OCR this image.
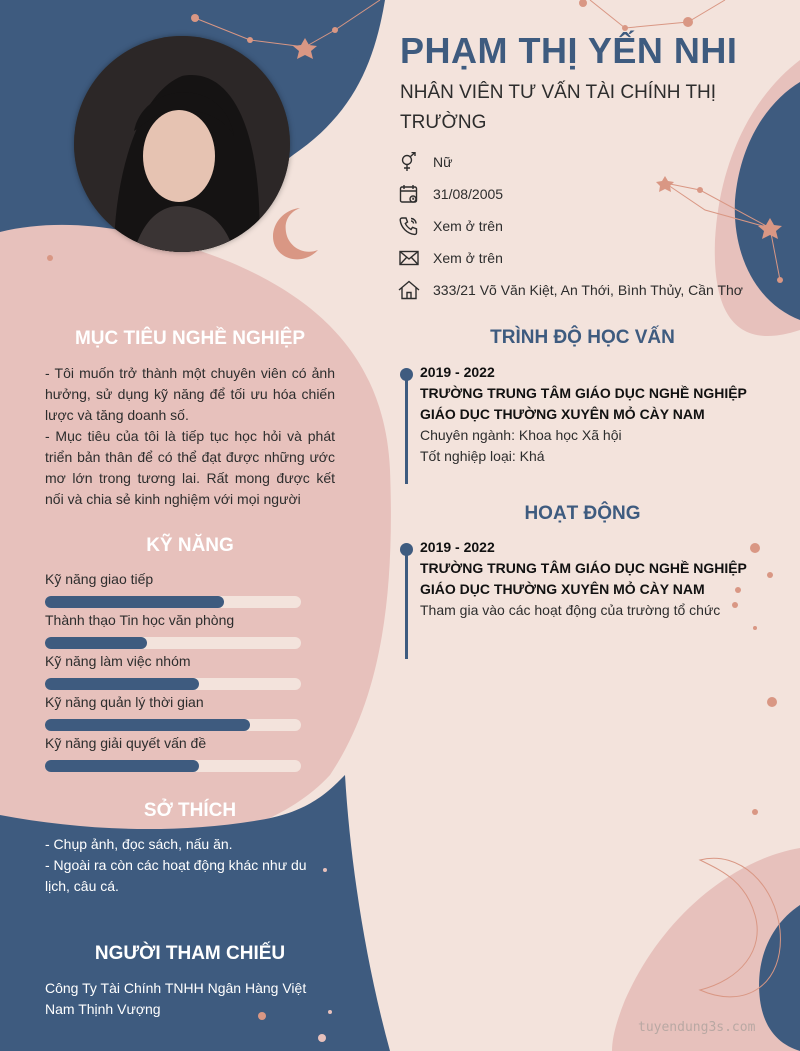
PHẠM THỊ YẾN NHI
NHÂN VIÊN TƯ VẤN TÀI CHÍNH THỊ TRƯỜNG
Nữ
31/08/2005
Xem ở trên
Xem ở trên
333/21 Võ Văn Kiệt, An Thới, Bình Thủy, Cần Thơ
MỤC TIÊU NGHỀ NGHIỆP
- Tôi muốn trở thành một chuyên viên có ảnh hưởng, sử dụng kỹ năng để tối ưu hóa chiến lược và tăng doanh số.
- Mục tiêu của tôi là tiếp tục học hỏi và phát triển bản thân để có thể đạt được những ước mơ lớn trong tương lai. Rất mong được kết nối và chia sẻ kinh nghiệm với mọi người
KỸ NĂNG
SỞ THÍCH
- Chụp ảnh, đọc sách, nấu ăn.
- Ngoài ra còn các hoạt động khác như du lịch, câu cá.
NGƯỜI THAM CHIẾU
Công Ty Tài Chính TNHH Ngân Hàng Việt Nam Thịnh Vượng
TRÌNH ĐỘ HỌC VẤN
2019 - 2022
TRƯỜNG TRUNG TÂM GIÁO DỤC NGHỀ NGHIỆP GIÁO DỤC THƯỜNG XUYÊN MỎ CÀY NAM
Chuyên ngành: Khoa học Xã hội
Tốt nghiệp loại: Khá
HOẠT ĐỘNG
2019 - 2022
TRƯỜNG TRUNG TÂM GIÁO DỤC NGHỀ NGHIỆP GIÁO DỤC THƯỜNG XUYÊN MỎ CÀY NAM
Tham gia vào các hoạt động của trường tổ chức
tuyendung3s.com
Kỹ năng giao tiếp
Thành thạo Tin học văn phòng
Kỹ năng làm việc nhóm
Kỹ năng quản lý thời gian
Kỹ năng giải quyết vấn đề
